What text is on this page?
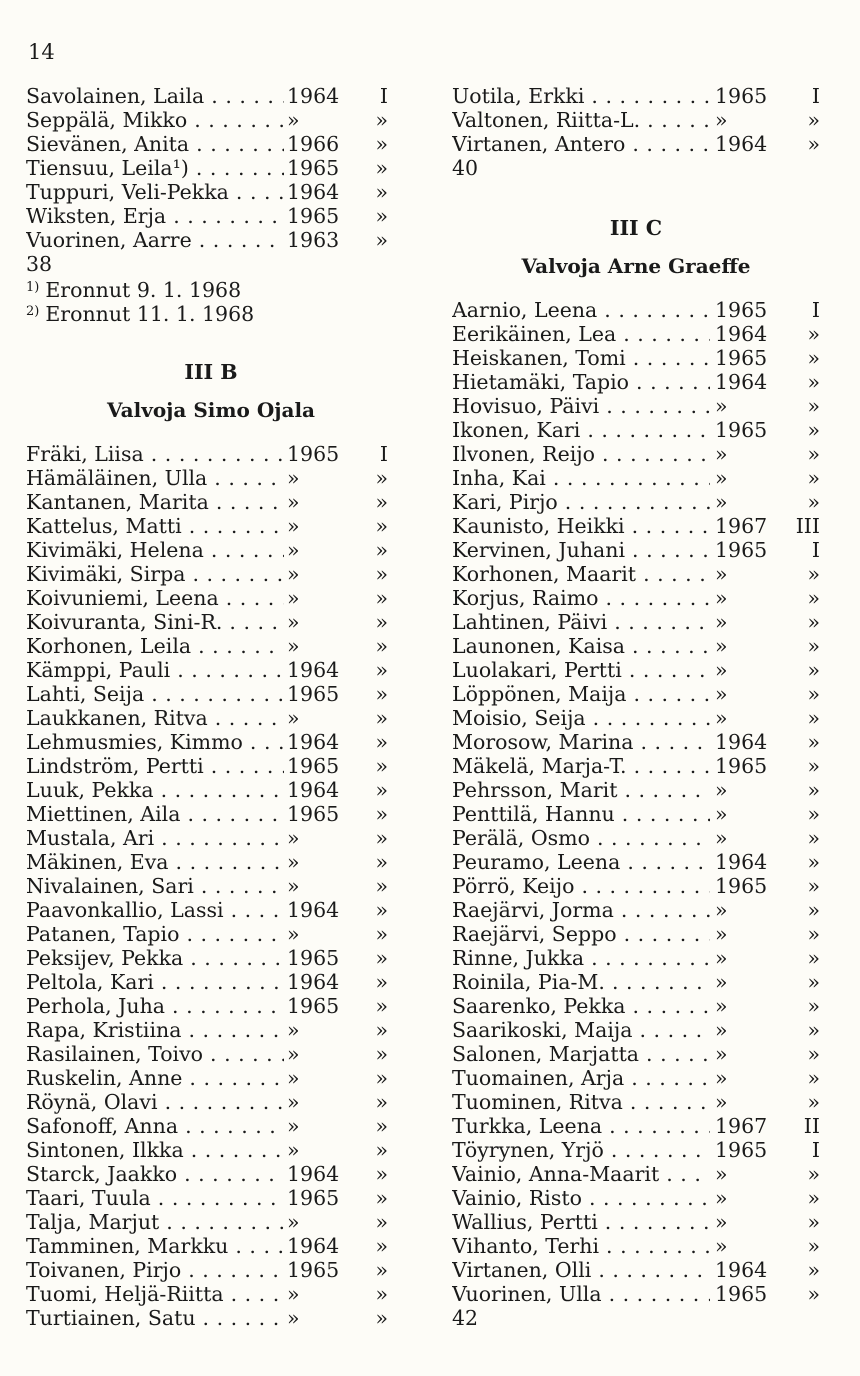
14
Savolainen, Laila . . .	1964	I
Seppälä, Mikko . . .	»	»
Sievänen, Anita . . .	1966	»
Tiensuu, Leila¹) . . .	1965	»
Tuppuri, Veli-Pekka . . .	1964	»
Wiksten, Erja . . .	1965	»
Vuorinen, Aarre . . .	1963	»
38
$^{1)}$ Eronnut 9. 1. 1968
$^{2)}$ Eronnut 11. 1. 1968
III B
Valvoja Simo Ojala
Fräki, Liisa . . .	1965	I
Hämäläinen, Ulla . . .	»	»
Kantanen, Marita . . .	»	»
Kattelus, Matti . . .	»	»
Kivimäki, Helena . . .	»	»
Kivimäki, Sirpa . . .	»	»
Koivuniemi, Leena . . .	»	»
Koivuranta, Sini-R. . . .	»	»
Korhonen, Leila . . .	»	»
Kämppi, Pauli . . .	1964	»
Lahti, Seija . . .	1965	»
Laukkanen, Ritva . . .	»	»
Lehmusmies, Kimmo . . .	1964	»
Lindström, Pertti . . .	1965	»
Luuk, Pekka . . .	1964	»
Miettinen, Aila . . .	1965	»
Mustala, Ari . . .	»	»
Mäkinen, Eva . . .	»	»
Nivalainen, Sari . . .	»	»
Paavonkallio, Lassi . . .	1964	»
Patanen, Tapio . . .	»	»
Peksijev, Pekka . . .	1965	»
Peltola, Kari . . .	1964	»
Perhola, Juha . . .	1965	»
Rapa, Kristiina . . .	»	»
Rasilainen, Toivo . . .	»	»
Ruskelin, Anne . . .	»	»
Röynä, Olavi . . .	»	»
Safonoff, Anna . . .	»	»
Sintonen, Ilkka . . .	»	»
Starck, Jaakko . . .	1964	»
Taari, Tuula . . .	1965	»
Talja, Marjut . . .	»	»
Tamminen, Markku . . .	1964	»
Toivanen, Pirjo . . .	1965	»
Tuomi, Heljä-Riitta . . .	»	»
Turtiainen, Satu . . .	»	»
Uotila, Erkki . . .	1965	I
Valtonen, Riitta-L. . . .	»	»
Virtanen, Antero . . .	1964	»
40
III C
Valvoja Arne Graeffe
Aarnio, Leena . . .	1965	I
Eerikäinen, Lea . . .	1964	»
Heiskanen, Tomi . . .	1965	»
Hietamäki, Tapio . . .	1964	»
Hovisuo, Päivi . . .	»	»
Ikonen, Kari . . .	1965	»
Ilvonen, Reijo . . .	»	»
Inha, Kai . . .	»	»
Kari, Pirjo . . .	»	»
Kaunisto, Heikki . . .	1967	III
Kervinen, Juhani . . .	1965	I
Korhonen, Maarit . . .	»	»
Korjus, Raimo . . .	»	»
Lahtinen, Päivi . . .	»	»
Launonen, Kaisa . . .	»	»
Luolakari, Pertti . . .	»	»
Löppönen, Maija . . .	»	»
Moisio, Seija . . .	»	»
Morosow, Marina . . .	1964	»
Mäkelä, Marja-T. . . .	1965	»
Pehrsson, Marit . . .	»	»
Penttilä, Hannu . . .	»	»
Perälä, Osmo . . .	»	»
Peuramo, Leena . . .	1964	»
Pörrö, Keijo . . .	1965	»
Raejärvi, Jorma . . .	»	»
Raejärvi, Seppo . . .	»	»
Rinne, Jukka . . .	»	»
Roinila, Pia-M. . . .	»	»
Saarenko, Pekka . . .	»	»
Saarikoski, Maija . . .	»	»
Salonen, Marjatta . . .	»	»
Tuomainen, Arja . . .	»	»
Tuominen, Ritva . . .	»	»
Turkka, Leena . . .	1967	II
Töyrynen, Yrjö . . .	1965	I
Vainio, Anna-Maarit . . .	»	»
Vainio, Risto . . .	»	»
Wallius, Pertti . . .	»	»
Vihanto, Terhi . . .	»	»
Virtanen, Olli . . .	1964	»
Vuorinen, Ulla . . .	1965	»
42
